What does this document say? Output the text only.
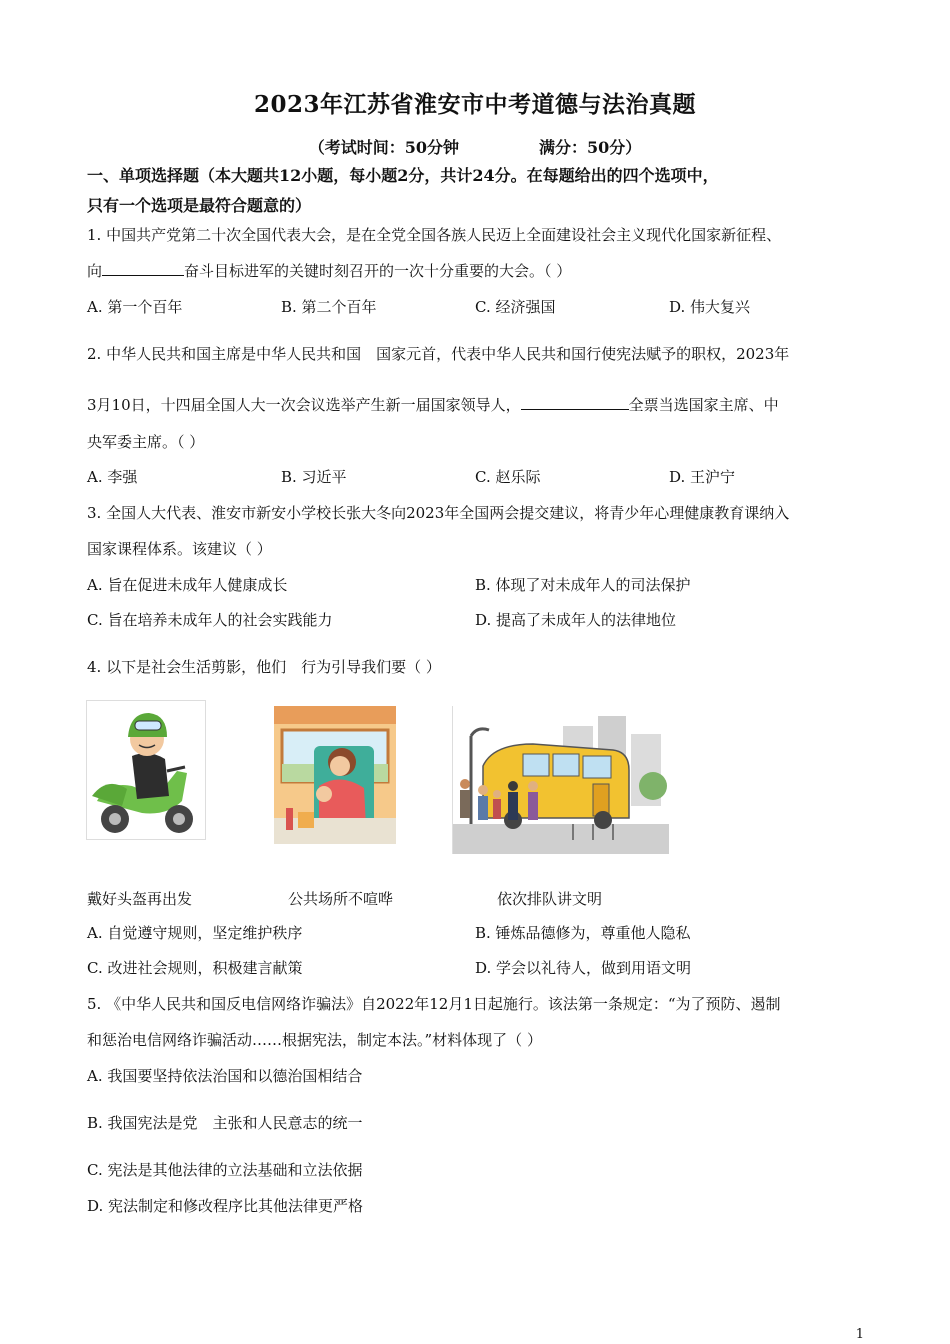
2023年江苏省淮安市中考道德与法治真题
（考试时间：50分钟	满分：50分）
一、单项选择题（本大题共12小题，每小题2分，共计24分。在每题给出的四个选项中，
只有一个选项是最符合题意的）
1. 中国共产党第二十次全国代表大会，是在全党全国各族人民迈上全面建设社会主义现代化国家新征程、
向	奋斗目标进军的关键时刻召开的一次十分重要的大会。（ ）
A. 第一个百年	B. 第二个百年	C. 经济强国	D. 伟大复兴
2. 中华人民共和国主席是中华人民共和国　国家元首，代表中华人民共和国行使宪法赋予的职权，2023年
3月10日，十四届全国人大一次会议选举产生新一届国家领导人，	全票当选国家主席、中
央军委主席。（ ）
A. 李强	B. 习近平	C. 赵乐际	D. 王沪宁
3. 全国人大代表、淮安市新安小学校长张大冬向2023年全国两会提交建议，将青少年心理健康教育课纳入
国家课程体系。该建议（ ）
A. 旨在促进未成年人健康成长	B. 体现了对未成年人的司法保护
C. 旨在培养未成年人的社会实践能力	D. 提高了未成年人的法律地位
4. 以下是社会生活剪影，他们　行为引导我们要（ ）
戴好头盔再出发	公共场所不喧哗	依次排队讲文明
A. 自觉遵守规则，坚定维护秩序	B. 锤炼品德修为，尊重他人隐私
C. 改进社会规则，积极建言献策	D. 学会以礼待人，做到用语文明
5. 《中华人民共和国反电信网络诈骗法》自2022年12月1日起施行。该法第一条规定：“为了预防、遏制
和惩治电信网络诈骗活动……根据宪法，制定本法。”材料体现了（ ）
A. 我国要坚持依法治国和以德治国相结合
B. 我国宪法是党　主张和人民意志的统一
C. 宪法是其他法律的立法基础和立法依据
D. 宪法制定和修改程序比其他法律更严格
1
